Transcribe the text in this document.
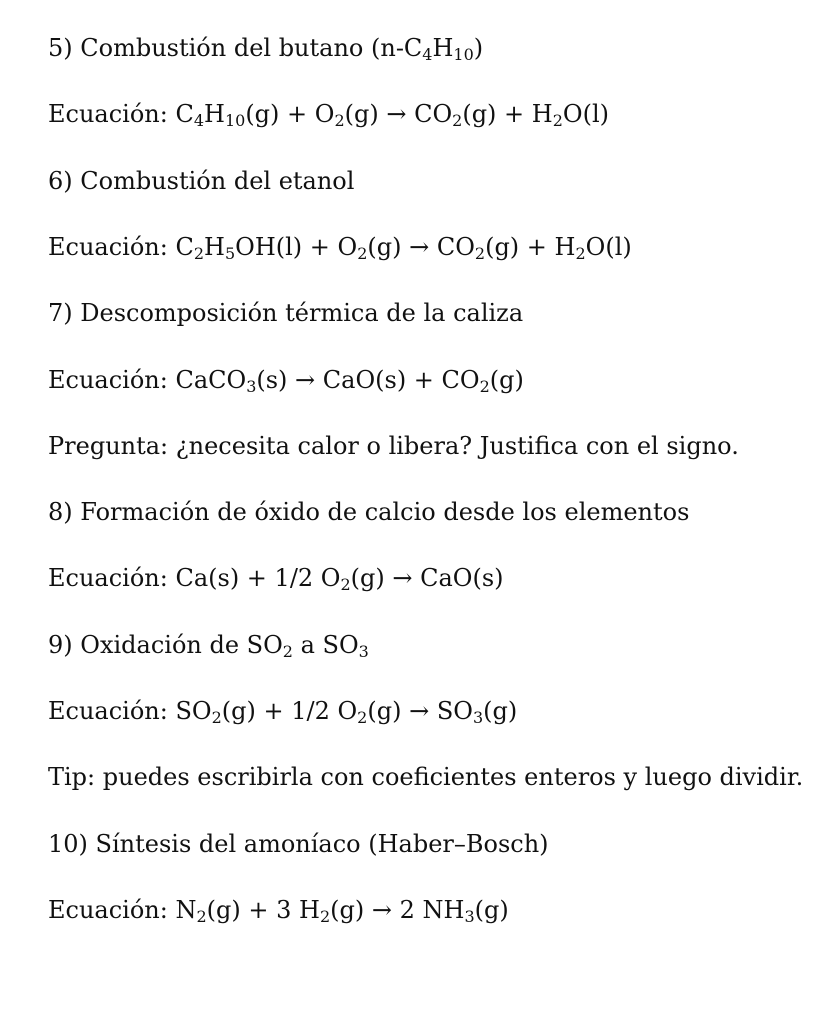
5) Combustión del butano $(n-C_4H_{10})$
Ecuación: $C_4H_{10}(g) + O_2(g) \to CO_2(g) + H_2O(l)$
6) Combustión del etanol
Ecuación: $C_2H_5OH(l) + O_2(g) \to CO_2(g) + H_2O(l)$
7) Descomposición térmica de la caliza
Ecuación: CaCO$_3$(s) → $CaO(s) + CO_2(g)$
Pregunta: ¿necesita calor o libera? Justifica con el signo.
8) Formación de óxido de calcio desde los elementos
Ecuación: Ca(s) + 1/2 $O_2(g) \to CaO(s)$
9) Oxidación de $SO_2$ a $SO_3$
Ecuación: $SO_2(g) + 1/2$ $O_2(g) \to SO_3(g)$
Tip: puedes escribirla con coeficientes enteros y luego dividir.
10) Síntesis del amoníaco (Haber–Bosch)
Ecuación: $N_2(g) + 3$ $H_2(g) \to 2$ $NH_3(g)$
